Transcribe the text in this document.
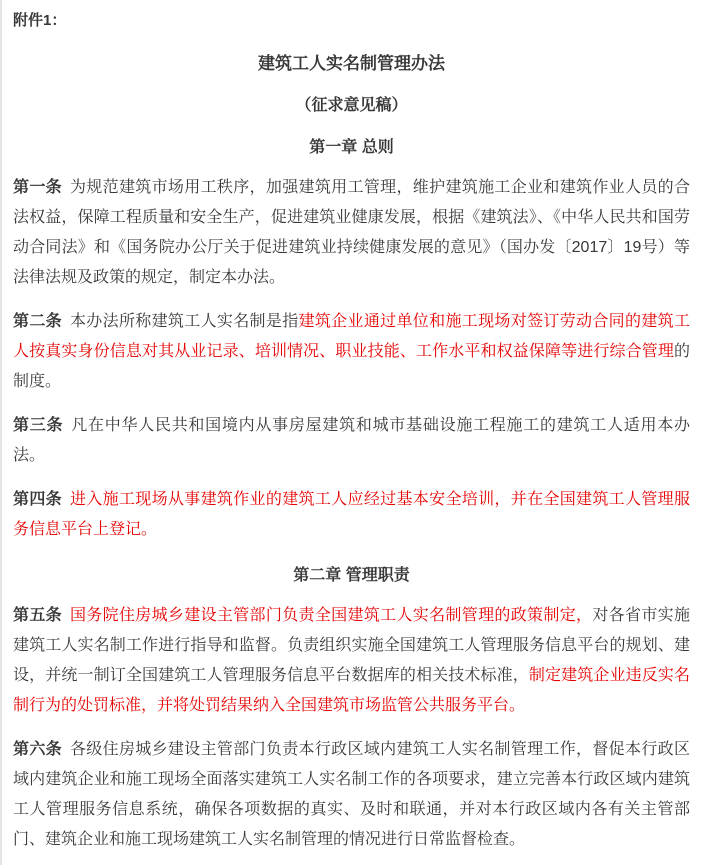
附件1：
建筑工人实名制管理办法
（征求意见稿）
第一章 总则

第一条 为规范建筑市场用工秩序，加强建筑用工管理，维护建筑施工企业和建筑作业人员的合法权益，保障工程质量和安全生产，促进建筑业健康发展，根据《建筑法》、《中华人民共和国劳动合同法》和《国务院办公厅关于促进建筑业持续健康发展的意见》（国办发〔2017〕19号）等法律法规及政策的规定，制定本办法。

第二条 本办法所称建筑工人实名制是指建筑企业通过单位和施工现场对签订劳动合同的建筑工人按真实身份信息对其从业记录、培训情况、职业技能、工作水平和权益保障等进行综合管理的制度。

第三条 凡在中华人民共和国境内从事房屋建筑和城市基础设施工程施工的建筑工人适用本办法。

第四条 进入施工现场从事建筑作业的建筑工人应经过基本安全培训，并在全国建筑工人管理服务信息平台上登记。

第二章 管理职责

第五条 国务院住房城乡建设主管部门负责全国建筑工人实名制管理的政策制定，对各省市实施建筑工人实名制工作进行指导和监督。负责组织实施全国建筑工人管理服务信息平台的规划、建设，并统一制订全国建筑工人管理服务信息平台数据库的相关技术标准，制定建筑企业违反实名制行为的处罚标准，并将处罚结果纳入全国建筑市场监管公共服务平台。

第六条 各级住房城乡建设主管部门负责本行政区域内建筑工人实名制管理工作，督促本行政区域内建筑企业和施工现场全面落实建筑工人实名制工作的各项要求，建立完善本行政区域内建筑工人管理服务信息系统，确保各项数据的真实、及时和联通，并对本行政区域内各有关主管部门、建筑企业和施工现场建筑工人实名制管理的情况进行日常监督检查。
